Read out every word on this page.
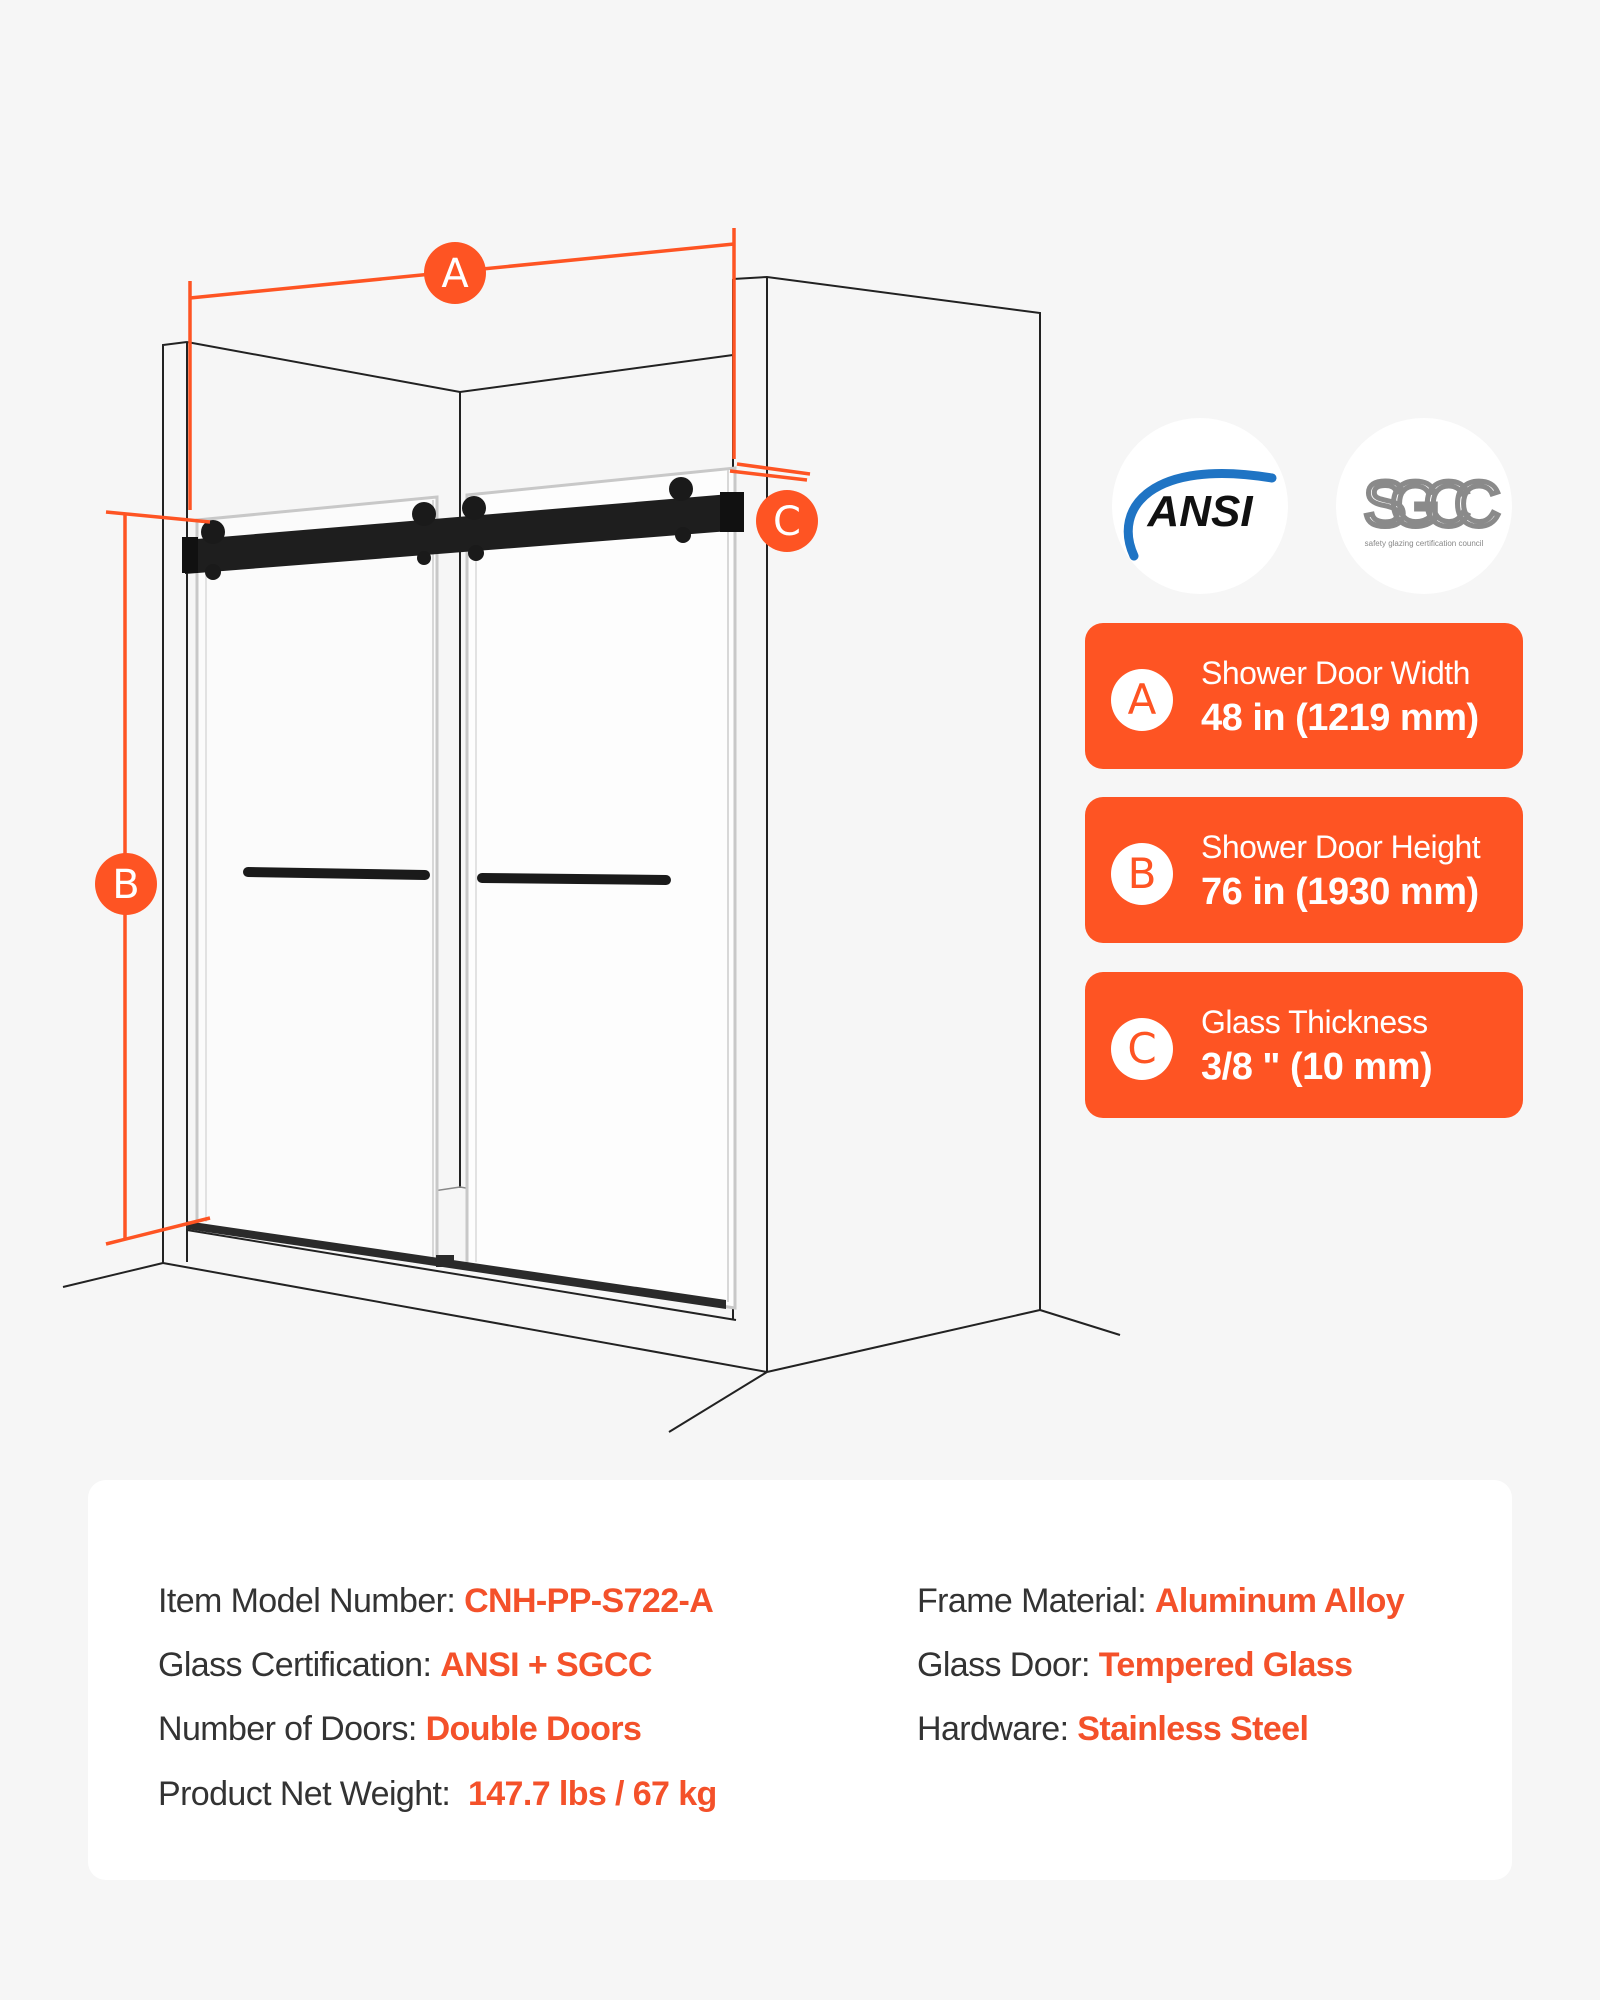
A
B
C	ANSI SGCC
safety glazing certification council
A
Shower Door Width
48 in (1219 mm)
B
Shower Door Height
76 in (1930 mm)
C
Glass Thickness
3/8 " (10 mm)
Item Model Number: CNH-PP-S722-A
Glass Certification: ANSI + SGCC
Number of Doors: Double Doors
Product Net Weight:  147.7 lbs / 67 kg
Frame Material: Aluminum Alloy
Glass Door: Tempered Glass
Hardware: Stainless Steel
